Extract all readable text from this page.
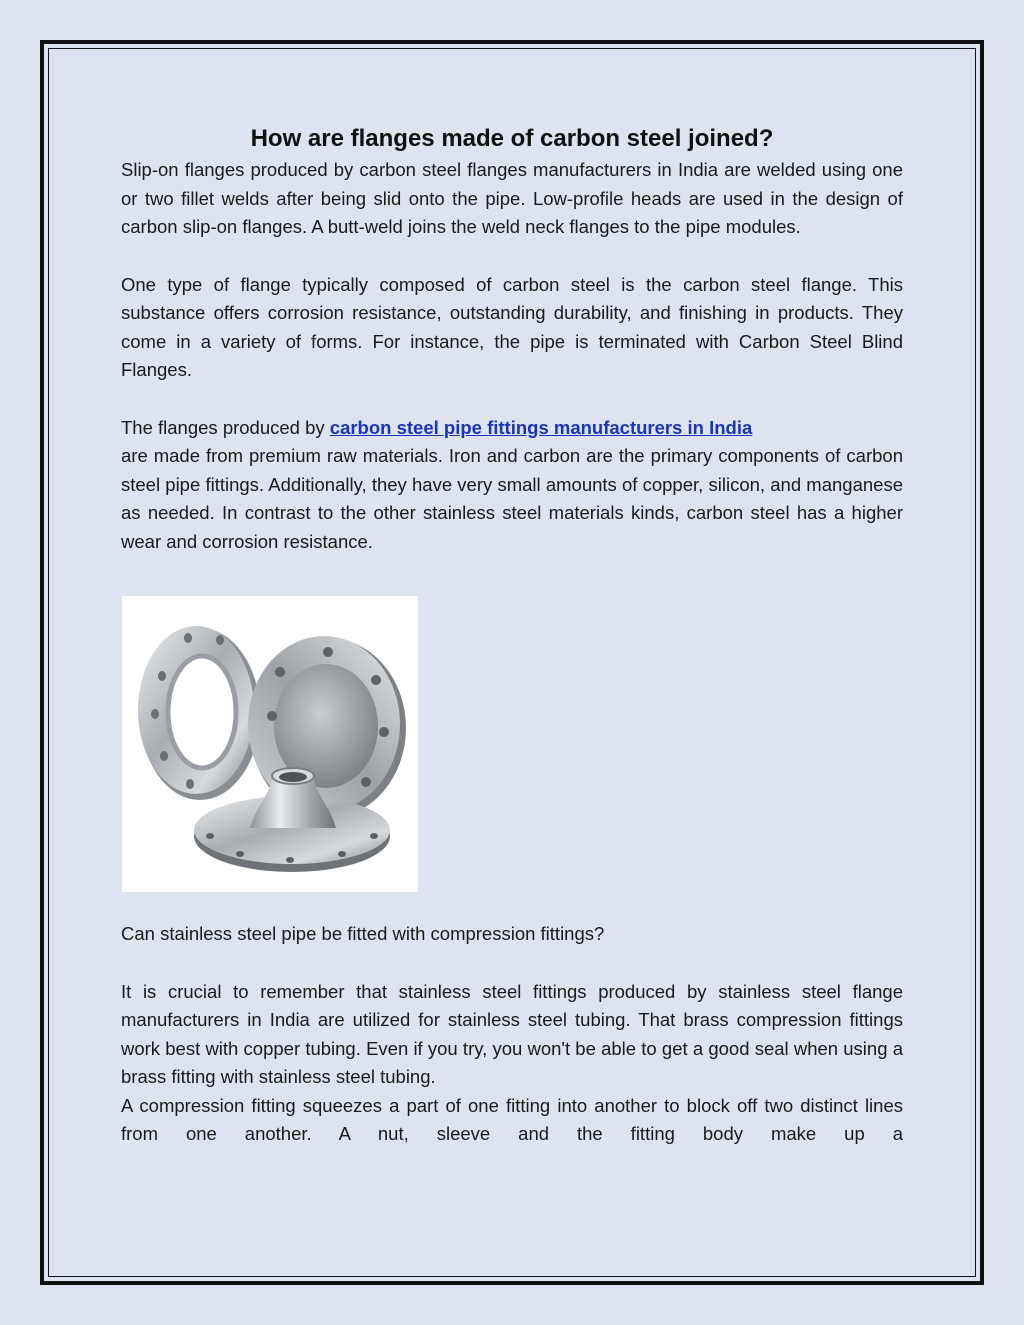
How are flanges made of carbon steel joined?

Slip-on flanges produced by carbon steel flanges manufacturers in India are welded using one or two fillet welds after being slid onto the pipe. Low-profile heads are used in the design of carbon slip-on flanges. A butt-weld joins the weld neck flanges to the pipe modules.

One type of flange typically composed of carbon steel is the carbon steel flange. This substance offers corrosion resistance, outstanding durability, and finishing in products. They come in a variety of forms. For instance, the pipe is terminated with Carbon Steel Blind Flanges.

The flanges produced by carbon steel pipe fittings manufacturers in India

are made from premium raw materials. Iron and carbon are the primary components of carbon steel pipe fittings. Additionally, they have very small amounts of copper, silicon, and manganese as needed. In contrast to the other stainless steel materials kinds, carbon steel has a higher wear and corrosion resistance.

Can stainless steel pipe be fitted with compression fittings?

It is crucial to remember that stainless steel fittings produced by stainless steel flange manufacturers in India are utilized for stainless steel tubing. That brass compression fittings work best with copper tubing. Even if you try, you won't be able to get a good seal when using a brass fitting with stainless steel tubing.

A compression fitting squeezes a part of one fitting into another to block off two distinct lines from one another. A nut, sleeve and the fitting body make up a
